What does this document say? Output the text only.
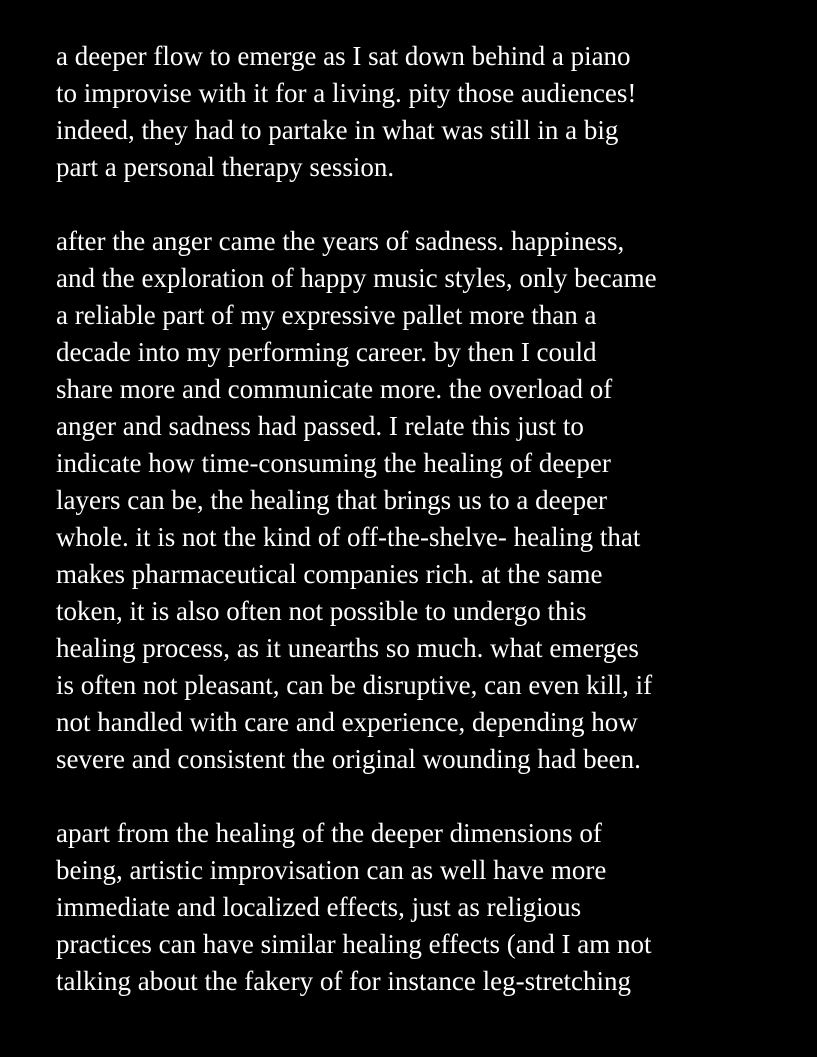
a deeper flow to emerge as I sat down behind a piano
to improvise with it for a living. pity those audiences!
indeed, they had to partake in what was still in a big
part a personal therapy session.
after the anger came the years of sadness. happiness,
and the exploration of happy music styles, only became
a reliable part of my expressive pallet more than a
decade into my performing career. by then I could
share more and communicate more. the overload of
anger and sadness had passed. I relate this just to
indicate how time-consuming the healing of deeper
layers can be, the healing that brings us to a deeper
whole. it is not the kind of off-the-shelve- healing that
makes pharmaceutical companies rich. at the same
token, it is also often not possible to undergo this
healing process, as it unearths so much. what emerges
is often not pleasant, can be disruptive, can even kill, if
not handled with care and experience, depending how
severe and consistent the original wounding had been.
apart from the healing of the deeper dimensions of
being, artistic improvisation can as well have more
immediate and localized effects, just as religious
practices can have similar healing effects (and I am not
talking about the fakery of for instance leg-stretching
